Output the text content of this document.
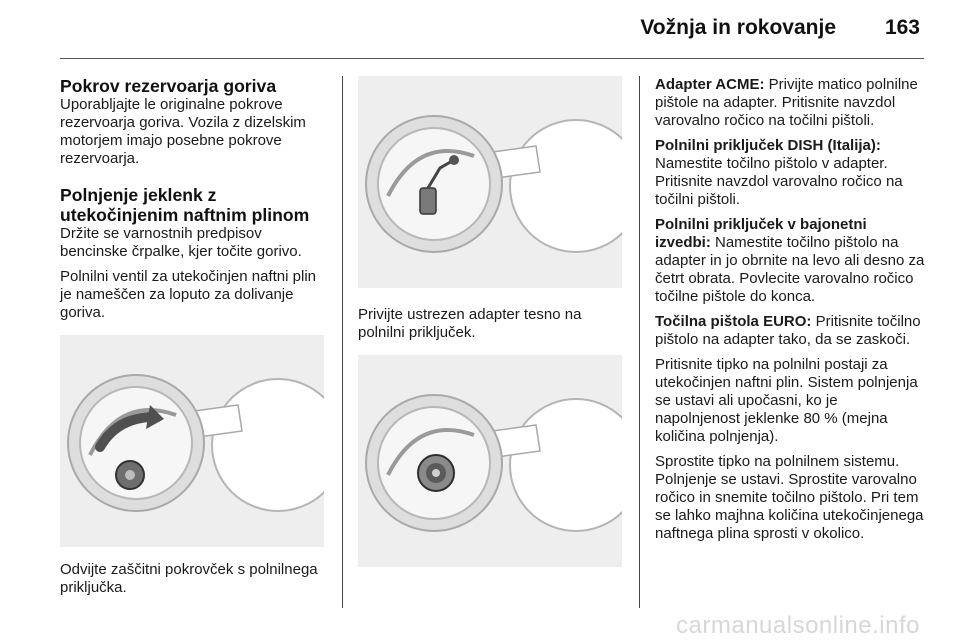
Vožnja in rokovanje 163
Pokrov rezervoarja goriva

Uporabljajte le originalne pokrove rezervoarja goriva. Vozila z dizelskim motorjem imajo posebne pokrove rezervoarja.

Polnjenje jeklenk z utekočinjenim naftnim plinom

Držite se varnostnih predpisov bencinske črpalke, kjer točite gorivo.

Polnilni ventil za utekočinjen naftni plin je nameščen za loputo za dolivanje goriva.

Odvijte zaščitni pokrovček s polnilnega priključka.

Privijte ustrezen adapter tesno na polnilni priključek.

Adapter ACME: Privijte matico polnilne pištole na adapter. Pritisnite navzdol varovalno ročico na točilni pištoli.

Polnilni priključek DISH (Italija): Namestite točilno pištolo v adapter. Pritisnite navzdol varovalno ročico na točilni pištoli.

Polnilni priključek v bajonetni izvedbi: Namestite točilno pištolo na adapter in jo obrnite na levo ali desno za četrt obrata. Povlecite varovalno ročico točilne pištole do konca.

Točilna pištola EURO: Pritisnite točilno pištolo na adapter tako, da se zaskoči.

Pritisnite tipko na polnilni postaji za utekočinjen naftni plin. Sistem polnjenja se ustavi ali upočasni, ko je napolnjenost jeklenke 80 % (mejna količina polnjenja).

Sprostite tipko na polnilnem sistemu. Polnjenje se ustavi. Sprostite varovalno ročico in snemite točilno pištolo. Pri tem se lahko majhna količina utekočinjenega naftnega plina sprosti v okolico.

carmanualsonline.info
